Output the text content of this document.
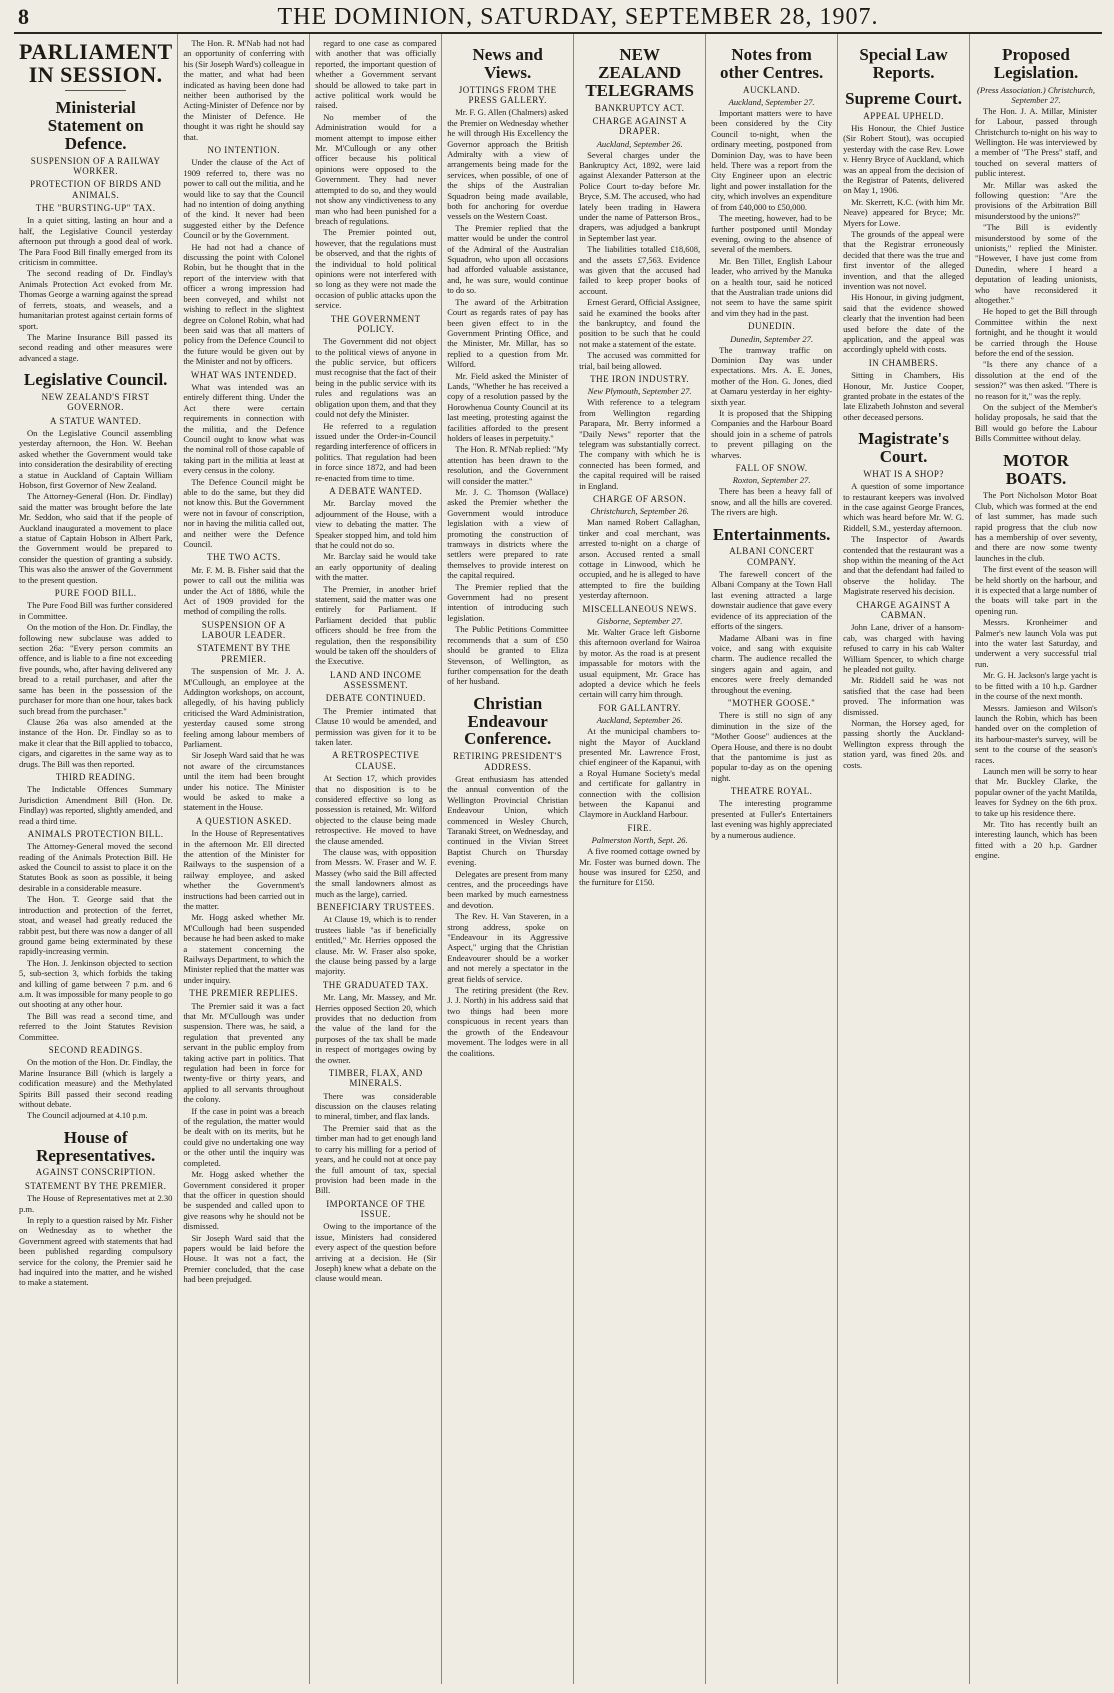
8	THE DOMINION, SATURDAY, SEPTEMBER 28, 1907.
PARLIAMENT IN SESSION.
Ministerial Statement on Defence.
SUSPENSION OF A RAILWAY WORKER.
PROTECTION OF BIRDS AND ANIMALS.
THE "BURSTING-UP" TAX.

In a quiet sitting, lasting an hour and a half, the Legislative Council yesterday afternoon put through a good deal of work. The Para Food Bill finally emerged from its criticism in committee.

The second reading of Dr. Findlay's Animals Protection Act evoked from Mr. Thomas George a warning against the spread of ferrets, stoats, and weasels, and a humanitarian protest against certain forms of sport.

The Marine Insurance Bill passed its second reading and other measures were advanced a stage.

Legislative Council.
NEW ZEALAND'S FIRST GOVERNOR.
A STATUE WANTED.

On the Legislative Council assembling yesterday afternoon, the Hon. W. Beehan asked whether the Government would take into consideration the desirability of erecting a statue in Auckland of Captain William Hobson, first Governor of New Zealand.

The Attorney-General (Hon. Dr. Findlay) said the matter was brought before the late Mr. Seddon, who said that if the people of Auckland inaugurated a movement to place a statue of Captain Hobson in Albert Park, the Government would be prepared to consider the question of granting a subsidy. This was also the answer of the Government to the present question.

PURE FOOD BILL.

The Pure Food Bill was further considered in Committee.

On the motion of the Hon. Dr. Findlay, the following new subclause was added to section 26a: "Every person commits an offence, and is liable to a fine not exceeding five pounds, who, after having delivered any bread to a retail purchaser, and after the same has been in the possession of the purchaser for more than one hour, takes back such bread from the purchaser."

Clause 26a was also amended at the instance of the Hon. Dr. Findlay so as to make it clear that the Bill applied to tobacco, cigars, and cigarettes in the same way as to drugs. The Bill was then reported.

THIRD READING.

The Indictable Offences Summary Jurisdiction Amendment Bill (Hon. Dr. Findlay) was reported, slightly amended, and read a third time.

ANIMALS PROTECTION BILL.

The Attorney-General moved the second reading of the Animals Protection Bill. He asked the Council to assist to place it on the Statutes Book as soon as possible, it being desirable in a considerable measure.

The Hon. T. George said that the introduction and protection of the ferret, stoat, and weasel had greatly reduced the rabbit pest, but there was now a danger of all ground game being exterminated by these rapidly-increasing vermin.

The Hon. J. Jenkinson objected to section 5, sub-section 3, which forbids the taking and killing of game between 7 p.m. and 6 a.m. It was impossible for many people to go out shooting at any other hour.

The Bill was read a second time, and referred to the Joint Statutes Revision Committee.

SECOND READINGS.

On the motion of the Hon. Dr. Findlay, the Marine Insurance Bill (which is largely a codification measure) and the Methylated Spirits Bill passed their second reading without debate.

The Council adjourned at 4.10 p.m.

House of Representatives.
AGAINST CONSCRIPTION.
STATEMENT BY THE PREMIER.

The House of Representatives met at 2.30 p.m.

In reply to a question raised by Mr. Fisher on Wednesday as to whether the Government agreed with statements that had been published regarding compulsory service for the colony, the Premier said he had inquired into the matter, and he wished to make a statement.

The Hon. R. M'Nab had not had an opportunity of conferring with his (Sir Joseph Ward's) colleague in the matter, and what had been indicated as having been done had neither been authorised by the Acting-Minister of Defence nor by the Minister of Defence. He thought it was right he should say that.

NO INTENTION.

Under the clause of the Act of 1909 referred to, there was no power to call out the militia, and he would like to say that the Council had no intention of doing anything of the kind. It never had been suggested either by the Defence Council or by the Government.

He had not had a chance of discussing the point with Colonel Robin, but he thought that in the report of the interview with that officer a wrong impression had been conveyed, and whilst not wishing to reflect in the slightest degree on Colonel Robin, what had been said was that all matters of policy from the Defence Council to the future would be given out by the Minister and not by officers.

WHAT WAS INTENDED.

What was intended was an entirely different thing. Under the Act there were certain requirements in connection with the militia, and the Defence Council ought to know what was the nominal roll of those capable of taking part in the militia at least at every census in the colony.

The Defence Council might be able to do the same, but they did not know this. But the Government were not in favour of conscription, nor in having the militia called out, and neither were the Defence Council.

THE TWO ACTS.

Mr. F. M. B. Fisher said that the power to call out the militia was under the Act of 1886, while the Act of 1909 provided for the method of compiling the rolls.

SUSPENSION OF A LABOUR LEADER.
STATEMENT BY THE PREMIER.

The suspension of Mr. J. A. M'Cullough, an employee at the Addington workshops, on account, allegedly, of his having publicly criticised the Ward Administration, yesterday caused some strong feeling among labour members of Parliament.

Sir Joseph Ward said that he was not aware of the circumstances until the item had been brought under his notice. The Minister would be asked to make a statement in the House.

A QUESTION ASKED.

In the House of Representatives in the afternoon Mr. Ell directed the attention of the Minister for Railways to the suspension of a railway employee, and asked whether the Government's instructions had been carried out in the matter.

Mr. Hogg asked whether Mr. M'Cullough had been suspended because he had been asked to make a statement concerning the Railways Department, to which the Minister replied that the matter was under inquiry.

THE PREMIER REPLIES.

The Premier said it was a fact that Mr. M'Cullough was under suspension. There was, he said, a regulation that prevented any servant in the public employ from taking active part in politics. That regulation had been in force for twenty-five or thirty years, and applied to all servants throughout the colony.

If the case in point was a breach of the regulation, the matter would be dealt with on its merits, but he could give no undertaking one way or the other until the inquiry was completed.

Mr. Hogg asked whether the Government considered it proper that the officer in question should be suspended and called upon to give reasons why he should not be dismissed.

Sir Joseph Ward said that the papers would be laid before the House. It was not a fact, the Premier concluded, that the case had been prejudged.

regard to one case as compared with another that was officially reported, the important question of whether a Government servant should be allowed to take part in active political work would be raised.

No member of the Administration would for a moment attempt to impose either Mr. M'Cullough or any other officer because his political opinions were opposed to the Government. They had never attempted to do so, and they would not show any vindictiveness to any man who had been punished for a breach of regulations.

The Premier pointed out, however, that the regulations must be observed, and that the rights of the individual to hold political opinions were not interfered with so long as they were not made the occasion of public attacks upon the service.

THE GOVERNMENT POLICY.

The Government did not object to the political views of anyone in the public service, but officers must recognise that the fact of their being in the public service with its rules and regulations was an obligation upon them, and that they could not defy the Minister.

He referred to a regulation issued under the Order-in-Council regarding interference of officers in politics. That regulation had been in force since 1872, and had been re-enacted from time to time.

A DEBATE WANTED.

Mr. Barclay moved the adjournment of the House, with a view to debating the matter. The Speaker stopped him, and told him that he could not do so.

Mr. Barclay said he would take an early opportunity of dealing with the matter.

The Premier, in another brief statement, said the matter was one entirely for Parliament. If Parliament decided that public officers should be free from the regulation, then the responsibility would be taken off the shoulders of the Executive.

LAND AND INCOME ASSESSMENT.
DEBATE CONTINUED.

The Premier intimated that Clause 10 would be amended, and permission was given for it to be taken later.

A RETROSPECTIVE CLAUSE.

At Section 17, which provides that no disposition is to be considered effective so long as possession is retained, Mr. Wilford objected to the clause being made retrospective. He moved to have the clause amended.

The clause was, with opposition from Messrs. W. Fraser and W. F. Massey (who said the Bill affected the small landowners almost as much as the large), carried.

BENEFICIARY TRUSTEES.

At Clause 19, which is to render trustees liable "as if beneficially entitled," Mr. Herries opposed the clause. Mr. W. Fraser also spoke, the clause being passed by a large majority.

THE GRADUATED TAX.

Mr. Lang, Mr. Massey, and Mr. Herries opposed Section 20, which provides that no deduction from the value of the land for the purposes of the tax shall be made in respect of mortgages owing by the owner.

TIMBER, FLAX, AND MINERALS.

There was considerable discussion on the clauses relating to mineral, timber, and flax lands.

The Premier said that as the timber man had to get enough land to carry his milling for a period of years, and he could not at once pay the full amount of tax, special provision had been made in the Bill.

IMPORTANCE OF THE ISSUE.

Owing to the importance of the issue, Ministers had considered every aspect of the question before arriving at a decision. He (Sir Joseph) knew what a debate on the clause would mean.

News and Views.
JOTTINGS FROM THE PRESS GALLERY.

Mr. F. G. Allen (Chalmers) asked the Premier on Wednesday whether he will through His Excellency the Governor approach the British Admiralty with a view of arrangements being made for the services, when possible, of one of the ships of the Australian Squadron being made available, both for anchoring for overdue vessels on the Western Coast.

The Premier replied that the matter would be under the control of the Admiral of the Australian Squadron, who upon all occasions had afforded valuable assistance, and, he was sure, would continue to do so.

The award of the Arbitration Court as regards rates of pay has been given effect to in the Government Printing Office, and the Minister, Mr. Millar, has so replied to a question from Mr. Wilford.

Mr. Field asked the Minister of Lands, "Whether he has received a copy of a resolution passed by the Horowhenua County Council at its last meeting, protesting against the facilities afforded to the present holders of leases in perpetuity."

The Hon. R. M'Nab replied: "My attention has been drawn to the resolution, and the Government will consider the matter."

Mr. J. C. Thomson (Wallace) asked the Premier whether the Government would introduce legislation with a view of promoting the construction of tramways in districts where the settlers were prepared to rate themselves to provide interest on the capital required.

The Premier replied that the Government had no present intention of introducing such legislation.

The Public Petitions Committee recommends that a sum of £50 should be granted to Eliza Stevenson, of Wellington, as further compensation for the death of her husband.

Christian Endeavour Conference.
RETIRING PRESIDENT'S ADDRESS.

Great enthusiasm has attended the annual convention of the Wellington Provincial Christian Endeavour Union, which commenced in Wesley Church, Taranaki Street, on Wednesday, and continued in the Vivian Street Baptist Church on Thursday evening.

Delegates are present from many centres, and the proceedings have been marked by much earnestness and devotion.

The Rev. H. Van Staveren, in a strong address, spoke on "Endeavour in its Aggressive Aspect," urging that the Christian Endeavourer should be a worker and not merely a spectator in the great fields of service.

The retiring president (the Rev. J. J. North) in his address said that two things had been more conspicuous in recent years than the growth of the Endeavour movement. The lodges were in all the coalitions.

NEW ZEALAND TELEGRAMS
BANKRUPTCY ACT.
CHARGE AGAINST A DRAPER.
Auckland, September 26.

Several charges under the Bankruptcy Act, 1892, were laid against Alexander Patterson at the Police Court to-day before Mr. Bryce, S.M. The accused, who had lately been trading in Hawera under the name of Patterson Bros., drapers, was adjudged a bankrupt in September last year.

The liabilities totalled £18,608, and the assets £7,563. Evidence was given that the accused had failed to keep proper books of account.

Ernest Gerard, Official Assignee, said he examined the books after the bankruptcy, and found the position to be such that he could not make a statement of the estate.

The accused was committed for trial, bail being allowed.

THE IRON INDUSTRY.
New Plymouth, September 27.

With reference to a telegram from Wellington regarding Parapara, Mr. Berry informed a "Daily News" reporter that the telegram was substantially correct. The company with which he is connected has been formed, and the capital required will be raised in England.

CHARGE OF ARSON.
Christchurch, September 26.

Man named Robert Callaghan, tinker and coal merchant, was arrested to-night on a charge of arson. Accused rented a small cottage in Linwood, which he occupied, and he is alleged to have attempted to fire the building yesterday afternoon.

MISCELLANEOUS NEWS.
Gisborne, September 27.

Mr. Walter Grace left Gisborne this afternoon overland for Wairoa by motor. As the road is at present impassable for motors with the usual equipment, Mr. Grace has adopted a device which he feels certain will carry him through.

FOR GALLANTRY.
Auckland, September 26.

At the municipal chambers to-night the Mayor of Auckland presented Mr. Lawrence Frost, chief engineer of the Kapanui, with a Royal Humane Society's medal and certificate for gallantry in connection with the collision between the Kapanui and Claymore in Auckland Harbour.

FIRE.
Palmerston North, Sept. 26.

A five roomed cottage owned by Mr. Foster was burned down. The house was insured for £250, and the furniture for £150.

Notes from other Centres.
AUCKLAND.
Auckland, September 27.

Important matters were to have been considered by the City Council to-night, when the ordinary meeting, postponed from Dominion Day, was to have been held. There was a report from the City Engineer upon an electric light and power installation for the city, which involves an expenditure of from £40,000 to £50,000.

The meeting, however, had to be further postponed until Monday evening, owing to the absence of several of the members.

Mr. Ben Tillet, English Labour leader, who arrived by the Manuka on a health tour, said he noticed that the Australian trade unions did not seem to have the same spirit and vim they had in the past.

DUNEDIN.
Dunedin, September 27.

The tramway traffic on Dominion Day was under expectations. Mrs. A. E. Jones, mother of the Hon. G. Jones, died at Oamaru yesterday in her eighty-sixth year.

It is proposed that the Shipping Companies and the Harbour Board should join in a scheme of patrols to prevent pillaging on the wharves.

FALL OF SNOW.
Roxton, September 27.

There has been a heavy fall of snow, and all the hills are covered. The rivers are high.

Entertainments.
ALBANI CONCERT COMPANY.

The farewell concert of the Albani Company at the Town Hall last evening attracted a large downstair audience that gave every evidence of its appreciation of the efforts of the singers.

Madame Albani was in fine voice, and sang with exquisite charm. The audience recalled the singers again and again, and encores were freely demanded throughout the evening.

"MOTHER GOOSE."

There is still no sign of any diminution in the size of the "Mother Goose" audiences at the Opera House, and there is no doubt that the pantomime is just as popular to-day as on the opening night.

THEATRE ROYAL.

The interesting programme presented at Fuller's Entertainers last evening was highly appreciated by a numerous audience.

Special Law Reports.
Supreme Court.
APPEAL UPHELD.

His Honour, the Chief Justice (Sir Robert Stout), was occupied yesterday with the case Rev. Lowe v. Henry Bryce of Auckland, which was an appeal from the decision of the Registrar of Patents, delivered on May 1, 1906.

Mr. Skerrett, K.C. (with him Mr. Neave) appeared for Bryce; Mr. Myers for Lowe.

The grounds of the appeal were that the Registrar erroneously decided that there was the true and first inventor of the alleged invention, and that the alleged invention was not novel.

His Honour, in giving judgment, said that the evidence showed clearly that the invention had been used before the date of the application, and the appeal was accordingly upheld with costs.

IN CHAMBERS.

Sitting in Chambers, His Honour, Mr. Justice Cooper, granted probate in the estates of the late Elizabeth Johnston and several other deceased persons.

Magistrate's Court.
WHAT IS A SHOP?

A question of some importance to restaurant keepers was involved in the case against George Frances, which was heard before Mr. W. G. Riddell, S.M., yesterday afternoon.

The Inspector of Awards contended that the restaurant was a shop within the meaning of the Act and that the defendant had failed to observe the holiday. The Magistrate reserved his decision.

CHARGE AGAINST A CABMAN.

John Lane, driver of a hansom-cab, was charged with having refused to carry in his cab Walter William Spencer, to which charge he pleaded not guilty.

Mr. Riddell said he was not satisfied that the case had been proved. The information was dismissed.

Norman, the Horsey aged, for passing shortly the Auckland-Wellington express through the station yard, was fined 20s. and costs.

Proposed Legislation.
(Press Association.) Christchurch, September 27.

The Hon. J. A. Millar, Minister for Labour, passed through Christchurch to-night on his way to Wellington. He was interviewed by a member of "The Press" staff, and touched on several matters of public interest.

Mr. Millar was asked the following question: "Are the provisions of the Arbitration Bill misunderstood by the unions?"

"The Bill is evidently misunderstood by some of the unionists," replied the Minister. "However, I have just come from Dunedin, where I heard a deputation of leading unionists, who have reconsidered it altogether."

He hoped to get the Bill through Committee within the next fortnight, and he thought it would be carried through the House before the end of the session.

"Is there any chance of a dissolution at the end of the session?" was then asked. "There is no reason for it," was the reply.

On the subject of the Member's holiday proposals, he said that the Bill would go before the Labour Bills Committee without delay.

MOTOR BOATS.

The Port Nicholson Motor Boat Club, which was formed at the end of last summer, has made such rapid progress that the club now has a membership of over seventy, and there are now some twenty launches in the club.

The first event of the season will be held shortly on the harbour, and it is expected that a large number of the boats will take part in the opening run.

Messrs. Kronheimer and Palmer's new launch Vola was put into the water last Saturday, and underwent a very successful trial run.

Mr. G. H. Jackson's large yacht is to be fitted with a 10 h.p. Gardner in the course of the next month.

Messrs. Jamieson and Wilson's launch the Robin, which has been handed over on the completion of its harbour-master's survey, will be sent to the course of the season's races.

Launch men will be sorry to hear that Mr. Buckley Clarke, the popular owner of the yacht Matilda, leaves for Sydney on the 6th prox. to take up his residence there.

Mr. Tito has recently built an interesting launch, which has been fitted with a 20 h.p. Gardner engine.
